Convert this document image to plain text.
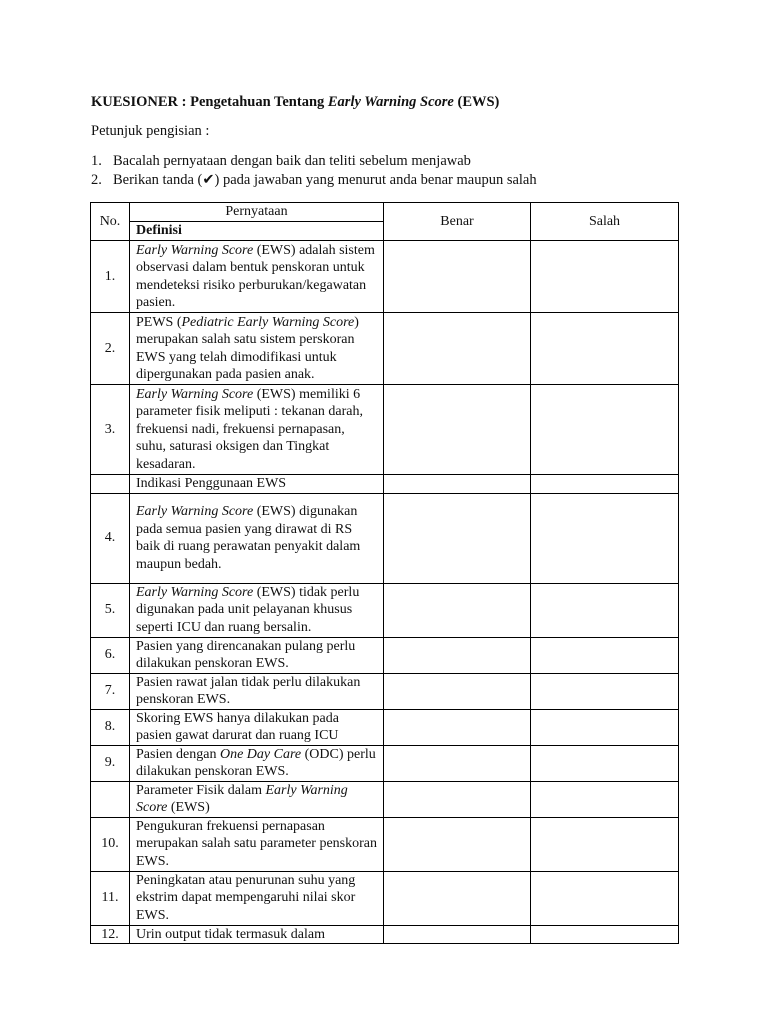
KUESIONER : Pengetahuan Tentang Early Warning Score (EWS)
Petunjuk pengisian :
1. Bacalah pernyataan dengan baik dan teliti sebelum menjawab
2. Berikan tanda (✔) pada jawaban yang menurut anda benar maupun salah
No.	Pernyataan
Definisi	Benar	Salah
1.	Early Warning Score (EWS) adalah sistem observasi dalam bentuk penskoran untuk mendeteksi risiko perburukan/kegawatan pasien.		
2.	PEWS (Pediatric Early Warning Score) merupakan salah satu sistem perskoran EWS yang telah dimodifikasi untuk dipergunakan pada pasien anak.		
3.	Early Warning Score (EWS) memiliki 6 parameter fisik meliputi : tekanan darah, frekuensi nadi, frekuensi pernapasan, suhu, saturasi oksigen dan Tingkat kesadaran.		
	Indikasi Penggunaan EWS		
4.	Early Warning Score (EWS) digunakan pada semua pasien yang dirawat di RS baik di ruang perawatan penyakit dalam maupun bedah.		
5.	Early Warning Score (EWS) tidak perlu digunakan pada unit pelayanan khusus seperti ICU dan ruang bersalin.		
6.	Pasien yang direncanakan pulang perlu dilakukan penskoran EWS.		
7.	Pasien rawat jalan tidak perlu dilakukan penskoran EWS.		
8.	Skoring EWS hanya dilakukan pada pasien gawat darurat dan ruang ICU		
9.	Pasien dengan One Day Care (ODC) perlu dilakukan penskoran EWS.		
	Parameter Fisik dalam Early Warning Score (EWS)		
10.	Pengukuran frekuensi pernapasan merupakan salah satu parameter penskoran EWS.		
11.	Peningkatan atau penurunan suhu yang ekstrim dapat mempengaruhi nilai skor EWS.		
12.	Urin output tidak termasuk dalam		
